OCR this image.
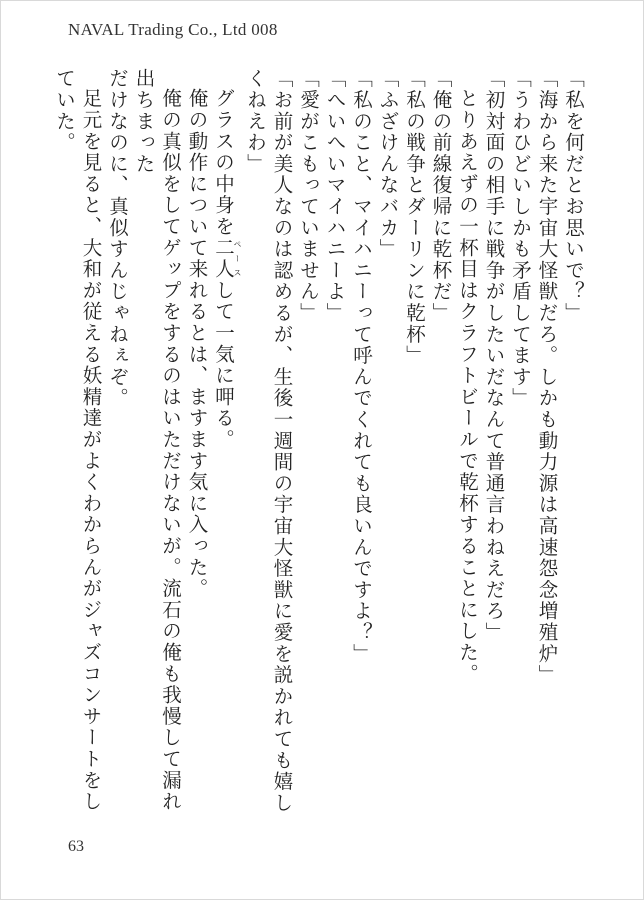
NAVAL Trading Co., Ltd 008

「私を何だとお思いで？」

「海から来た宇宙大怪獣だろ。しかも動力源は高速怨念増殖炉」

「うわひどいしかも矛盾してます」

「初対面の相手に戦争がしたいだなんて普通言わねえだろ」

とりあえずの一杯目はクラフトビールで乾杯することにした。

「俺の前線復帰に乾杯だ」

「私の戦争とダーリンに乾杯」

「ふざけんなバカ」

「私のこと、マイハニーって呼んでくれても良いんですよ？」

「へいへいマイハニーよ」

「愛がこもっていません」

「お前が美人なのは認めるが、生後一週間の宇宙大怪獣に愛を説かれても嬉しくねえわ」

グラスの中身を二人ペースして一気に呷る。

俺の動作について来れるとは、ますます気に入った。

俺の真似をしてゲップをするのはいただけないが。流石の俺も我慢して漏れ出ちまった

だけなのに、真似すんじゃねぇぞ。

足元を見ると、大和が従える妖精達がよくわからんがジャズコンサートをしていた。

63
